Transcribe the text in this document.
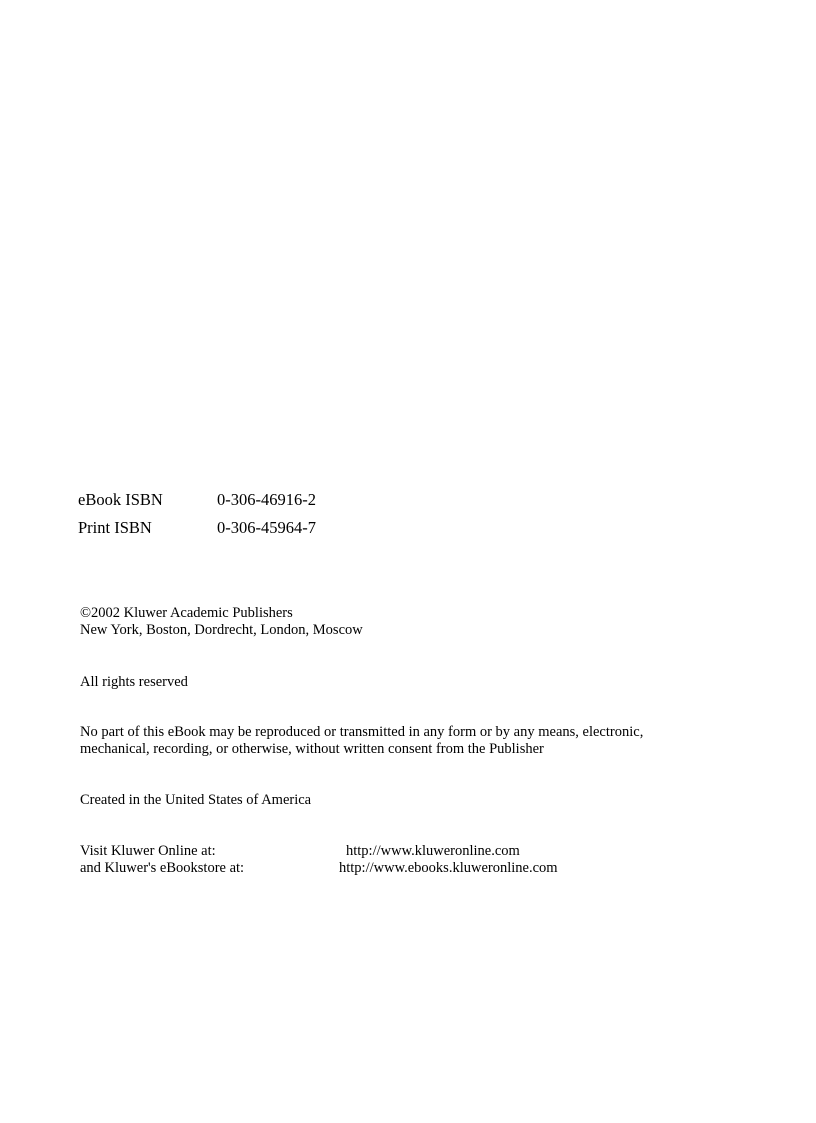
eBook ISBN	0-306-46916-2
Print ISBN	0-306-45964-7
©2002 Kluwer Academic Publishers
New York, Boston, Dordrecht, London, Moscow
All rights reserved
No part of this eBook may be reproduced or transmitted in any form or by any means, electronic,
mechanical, recording, or otherwise, without written consent from the Publisher
Created in the United States of America
Visit Kluwer Online at:	http://www.kluweronline.com
and Kluwer's eBookstore at:	http://www.ebooks.kluweronline.com
